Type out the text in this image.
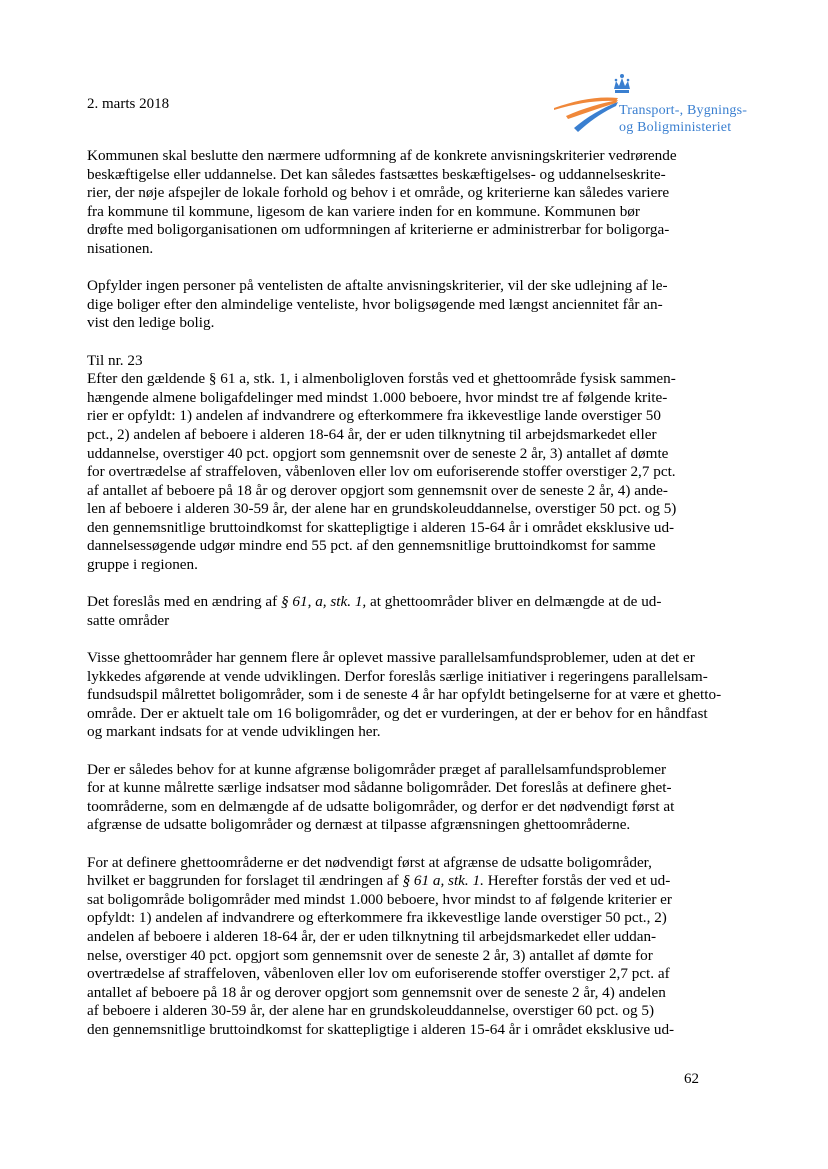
2. marts 2018	Transport-, Bygnings-
og Boligministeriet
Kommunen skal beslutte den nærmere udformning af de konkrete anvisningskriterier vedrørende
beskæftigelse eller uddannelse. Det kan således fastsættes beskæftigelses- og uddannelseskrite-
rier, der nøje afspejler de lokale forhold og behov i et område, og kriterierne kan således variere
fra kommune til kommune, ligesom de kan variere inden for en kommune. Kommunen bør
drøfte med boligorganisationen om udformningen af kriterierne er administrerbar for boligorga-
nisationen.
Opfylder ingen personer på ventelisten de aftalte anvisningskriterier, vil der ske udlejning af le-
dige boliger efter den almindelige venteliste, hvor boligsøgende med længst anciennitet får an-
vist den ledige bolig.
Til nr. 23
Efter den gældende § 61 a, stk. 1, i almenboligloven forstås ved et ghettoområde fysisk sammen-
hængende almene boligafdelinger med mindst 1.000 beboere, hvor mindst tre af følgende krite-
rier er opfyldt: 1) andelen af indvandrere og efterkommere fra ikkevestlige lande overstiger 50
pct., 2) andelen af beboere i alderen 18-64 år, der er uden tilknytning til arbejdsmarkedet eller
uddannelse, overstiger 40 pct. opgjort som gennemsnit over de seneste 2 år, 3) antallet af dømte
for overtrædelse af straffeloven, våbenloven eller lov om euforiserende stoffer overstiger 2,7 pct.
af antallet af beboere på 18 år og derover opgjort som gennemsnit over de seneste 2 år, 4) ande-
len af beboere i alderen 30-59 år, der alene har en grundskoleuddannelse, overstiger 50 pct. og 5)
den gennemsnitlige bruttoindkomst for skattepligtige i alderen 15-64 år i området eksklusive ud-
dannelsessøgende udgør mindre end 55 pct. af den gennemsnitlige bruttoindkomst for samme
gruppe i regionen.
Det foreslås med en ændring af § 61, a, stk. 1, at ghettoområder bliver en delmængde at de ud-
satte områder
Visse ghettoområder har gennem flere år oplevet massive parallelsamfundsproblemer, uden at det er
lykkedes afgørende at vende udviklingen. Derfor foreslås særlige initiativer i regeringens parallelsam-
fundsudspil målrettet boligområder, som i de seneste 4 år har opfyldt betingelserne for at være et ghetto-
område. Der er aktuelt tale om 16 boligområder, og det er vurderingen, at der er behov for en håndfast
og markant indsats for at vende udviklingen her.
Der er således behov for at kunne afgrænse boligområder præget af parallelsamfundsproblemer
for at kunne målrette særlige indsatser mod sådanne boligområder. Det foreslås at definere ghet-
toområderne, som en delmængde af de udsatte boligområder, og derfor er det nødvendigt først at
afgrænse de udsatte boligområder og dernæst at tilpasse afgrænsningen ghettoområderne.
For at definere ghettoområderne er det nødvendigt først at afgrænse de udsatte boligområder,
hvilket er baggrunden for forslaget til ændringen af § 61 a, stk. 1. Herefter forstås der ved et ud-
sat boligområde boligområder med mindst 1.000 beboere, hvor mindst to af følgende kriterier er
opfyldt: 1) andelen af indvandrere og efterkommere fra ikkevestlige lande overstiger 50 pct., 2)
andelen af beboere i alderen 18-64 år, der er uden tilknytning til arbejdsmarkedet eller uddan-
nelse, overstiger 40 pct. opgjort som gennemsnit over de seneste 2 år, 3) antallet af dømte for
overtrædelse af straffeloven, våbenloven eller lov om euforiserende stoffer overstiger 2,7 pct. af
antallet af beboere på 18 år og derover opgjort som gennemsnit over de seneste 2 år, 4) andelen
af beboere i alderen 30-59 år, der alene har en grundskoleuddannelse, overstiger 60 pct. og 5)
den gennemsnitlige bruttoindkomst for skattepligtige i alderen 15-64 år i området eksklusive ud-
62
